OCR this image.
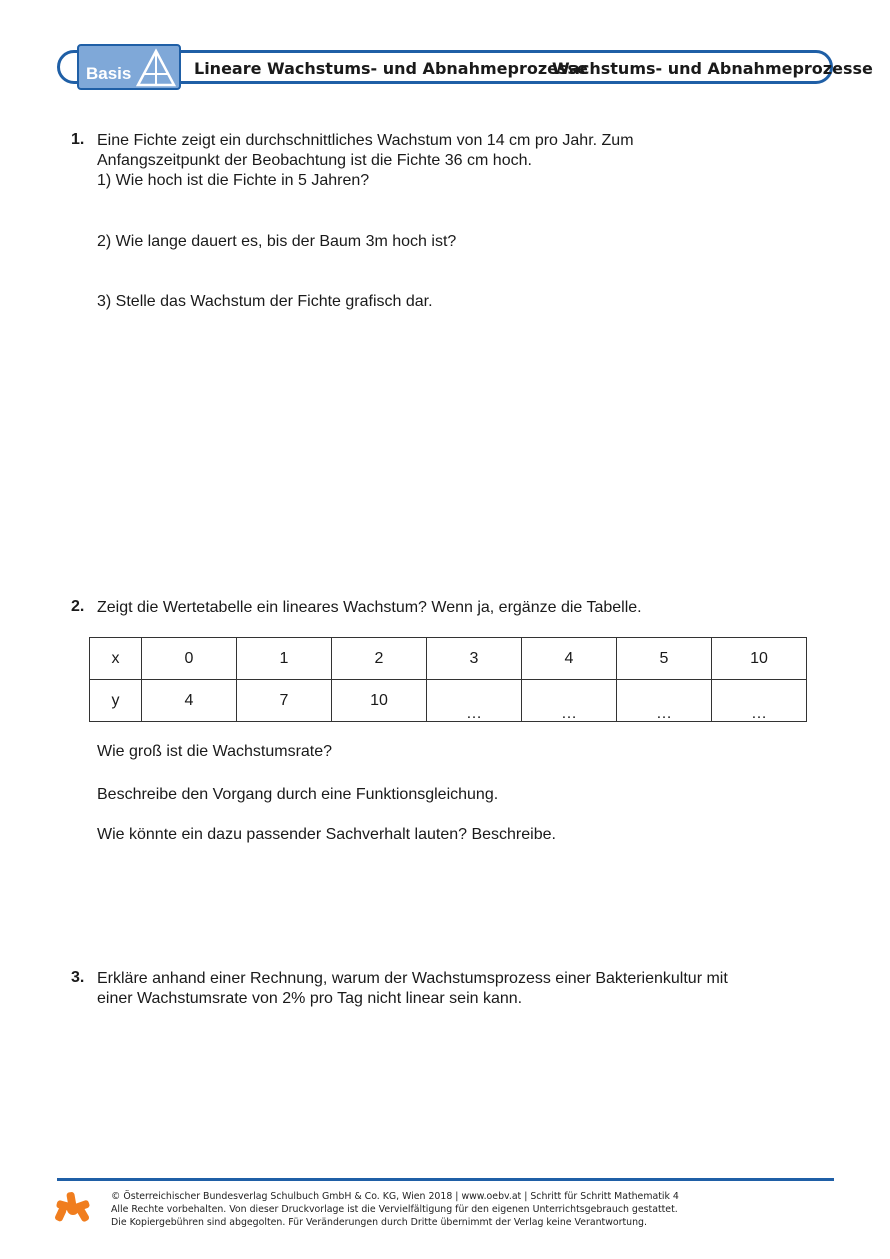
Basis	Lineare Wachstums- und Abnahmeprozesse
Wachstums- und Abnahmeprozesse
1. Eine Fichte zeigt ein durchschnittliches Wachstum von 14 cm pro Jahr. Zum
Anfangszeitpunkt der Beobachtung ist die Fichte 36 cm hoch.
1) Wie hoch ist die Fichte in 5 Jahren?
2) Wie lange dauert es, bis der Baum 3m hoch ist?
3) Stelle das Wachstum der Fichte grafisch dar.
2. Zeigt die Wertetabelle ein lineares Wachstum? Wenn ja, ergänze die Tabelle.
x	0	1	2	3	4	5	10
y	4	7	10	…	…	…	…
Wie groß ist die Wachstumsrate?
Beschreibe den Vorgang durch eine Funktionsgleichung.
Wie könnte ein dazu passender Sachverhalt lauten? Beschreibe.
3. Erkläre anhand einer Rechnung, warum der Wachstumsprozess einer Bakterienkultur mit
einer Wachstumsrate von 2% pro Tag nicht linear sein kann.
© Österreichischer Bundesverlag Schulbuch GmbH & Co. KG, Wien 2018 | www.oebv.at | Schritt für Schritt Mathematik 4
Alle Rechte vorbehalten. Von dieser Druckvorlage ist die Vervielfältigung für den eigenen Unterrichtsgebrauch gestattet.
Die Kopiergebühren sind abgegolten. Für Veränderungen durch Dritte übernimmt der Verlag keine Verantwortung.
